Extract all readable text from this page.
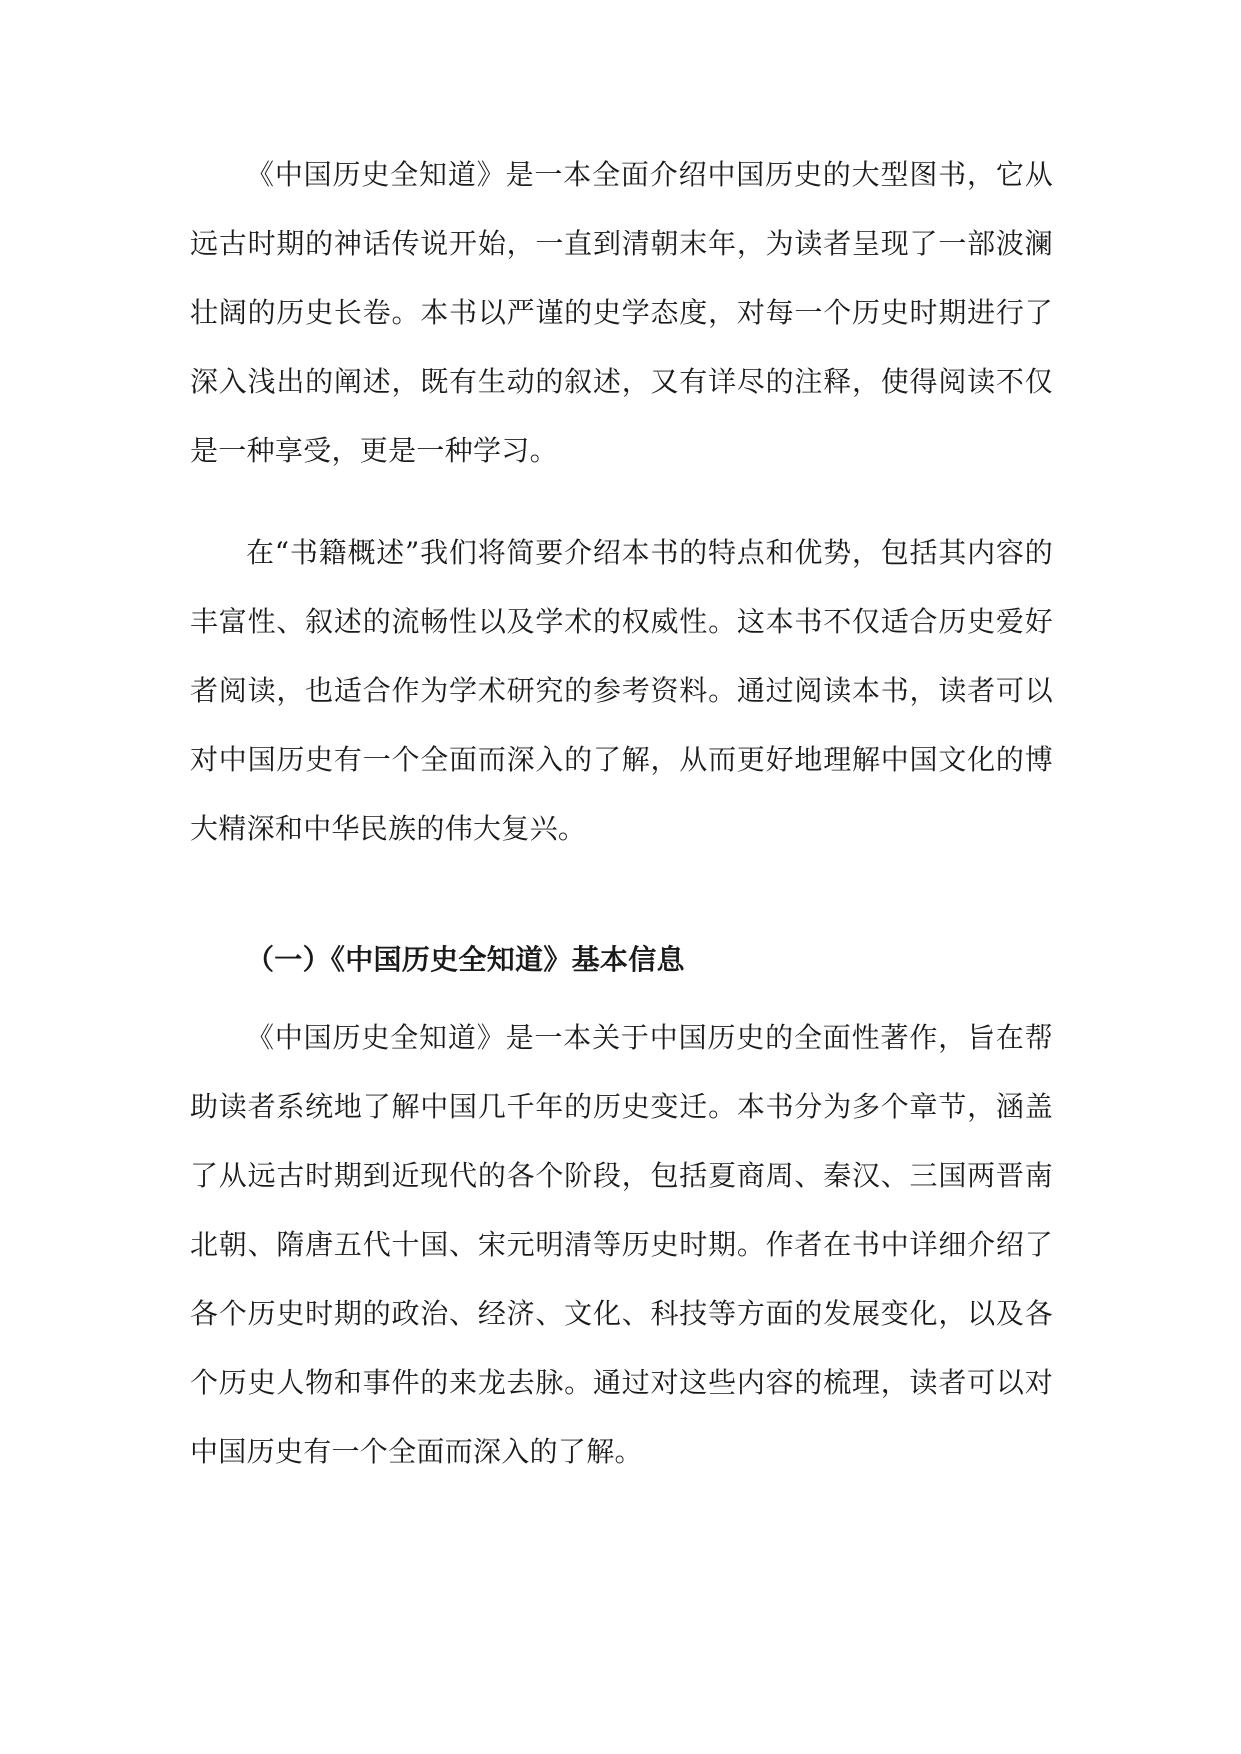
《中国历史全知道》是一本全面介绍中国历史的大型图书，它从远古时期的神话传说开始，一直到清朝末年，为读者呈现了一部波澜壮阔的历史长卷。本书以严谨的史学态度，对每一个历史时期进行了深入浅出的阐述，既有生动的叙述，又有详尽的注释，使得阅读不仅是一种享受，更是一种学习。

在“书籍概述”我们将简要介绍本书的特点和优势，包括其内容的丰富性、叙述的流畅性以及学术的权威性。这本书不仅适合历史爱好者阅读，也适合作为学术研究的参考资料。通过阅读本书，读者可以对中国历史有一个全面而深入的了解，从而更好地理解中国文化的博大精深和中华民族的伟大复兴。

（一）《中国历史全知道》基本信息

《中国历史全知道》是一本关于中国历史的全面性著作，旨在帮助读者系统地了解中国几千年的历史变迁。本书分为多个章节，涵盖了从远古时期到近现代的各个阶段，包括夏商周、秦汉、三国两晋南北朝、隋唐五代十国、宋元明清等历史时期。作者在书中详细介绍了各个历史时期的政治、经济、文化、科技等方面的发展变化，以及各个历史人物和事件的来龙去脉。通过对这些内容的梳理，读者可以对中国历史有一个全面而深入的了解。
